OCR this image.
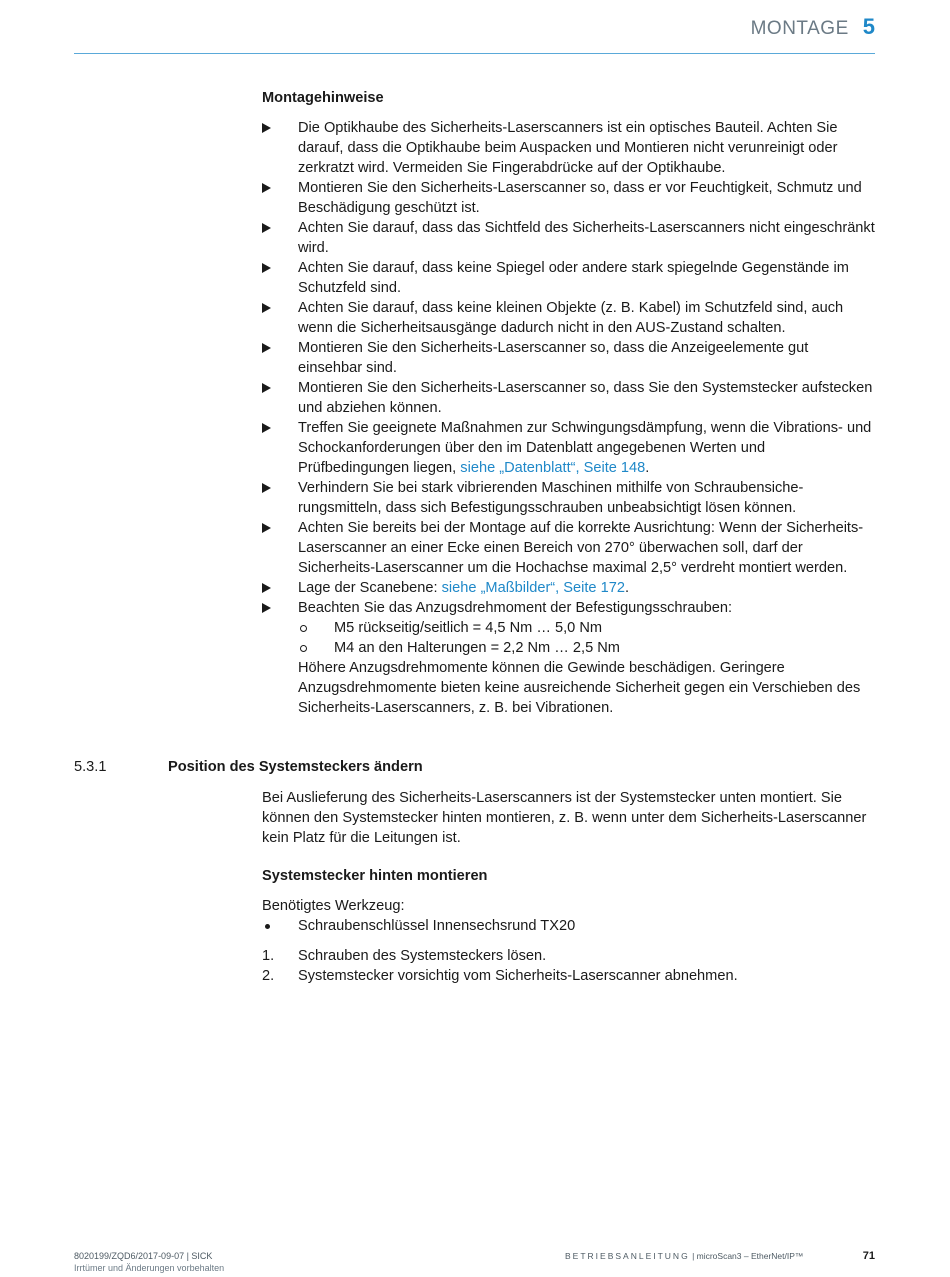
MONTAGE 5
Montagehinweise
Die Optikhaube des Sicherheits-Laserscanners ist ein optisches Bauteil. Achten Sie darauf, dass die Optikhaube beim Auspacken und Montieren nicht verunreinigt oder zerkratzt wird. Vermeiden Sie Fingerabdrücke auf der Optikhaube.
Montieren Sie den Sicherheits-Laserscanner so, dass er vor Feuchtigkeit, Schmutz und Beschädigung geschützt ist.
Achten Sie darauf, dass das Sichtfeld des Sicherheits-Laserscanners nicht eingeschränkt wird.
Achten Sie darauf, dass keine Spiegel oder andere stark spiegelnde Gegenstände im Schutzfeld sind.
Achten Sie darauf, dass keine kleinen Objekte (z. B. Kabel) im Schutzfeld sind, auch wenn die Sicherheitsausgänge dadurch nicht in den AUS-Zustand schalten.
Montieren Sie den Sicherheits-Laserscanner so, dass die Anzeigeelemente gut einsehbar sind.
Montieren Sie den Sicherheits-Laserscanner so, dass Sie den Systemstecker aufstecken und abziehen können.
Treffen Sie geeignete Maßnahmen zur Schwingungsdämpfung, wenn die Vibrations- und Schockanforderungen über den im Datenblatt angegebenen Werten und Prüfbedingungen liegen, siehe „Datenblatt“, Seite 148.
Verhindern Sie bei stark vibrierenden Maschinen mithilfe von Schraubensicherungsmitteln, dass sich Befestigungsschrauben unbeabsichtigt lösen können.
Achten Sie bereits bei der Montage auf die korrekte Ausrichtung: Wenn der Sicherheits-Laserscanner an einer Ecke einen Bereich von 270° überwachen soll, darf der Sicherheits-Laserscanner um die Hochachse maximal 2,5° verdreht montiert werden.
Lage der Scanebene: siehe „Maßbilder“, Seite 172.
Beachten Sie das Anzugsdrehmoment der Befestigungsschrauben:
M5 rückseitig/seitlich = 4,5 Nm … 5,0 Nm
M4 an den Halterungen = 2,2 Nm … 2,5 Nm
Höhere Anzugsdrehmomente können die Gewinde beschädigen. Geringere Anzugsdrehmomente bieten keine ausreichende Sicherheit gegen ein Verschieben des Sicherheits-Laserscanners, z. B. bei Vibrationen.
5.3.1	Position des Systemsteckers ändern
Bei Auslieferung des Sicherheits-Laserscanners ist der Systemstecker unten montiert. Sie können den Systemstecker hinten montieren, z. B. wenn unter dem Sicherheits-Laserscanner kein Platz für die Leitungen ist.
Systemstecker hinten montieren
Benötigtes Werkzeug:
Schraubenschlüssel Innensechsrund TX20
1. Schrauben des Systemsteckers lösen.
2. Systemstecker vorsichtig vom Sicherheits-Laserscanner abnehmen.
8020199/ZQD6/2017-09-07 | SICK
Irrtümer und Änderungen vorbehalten
BETRIEBSANLEITUNG | microScan3 – EtherNet/IP™	71
